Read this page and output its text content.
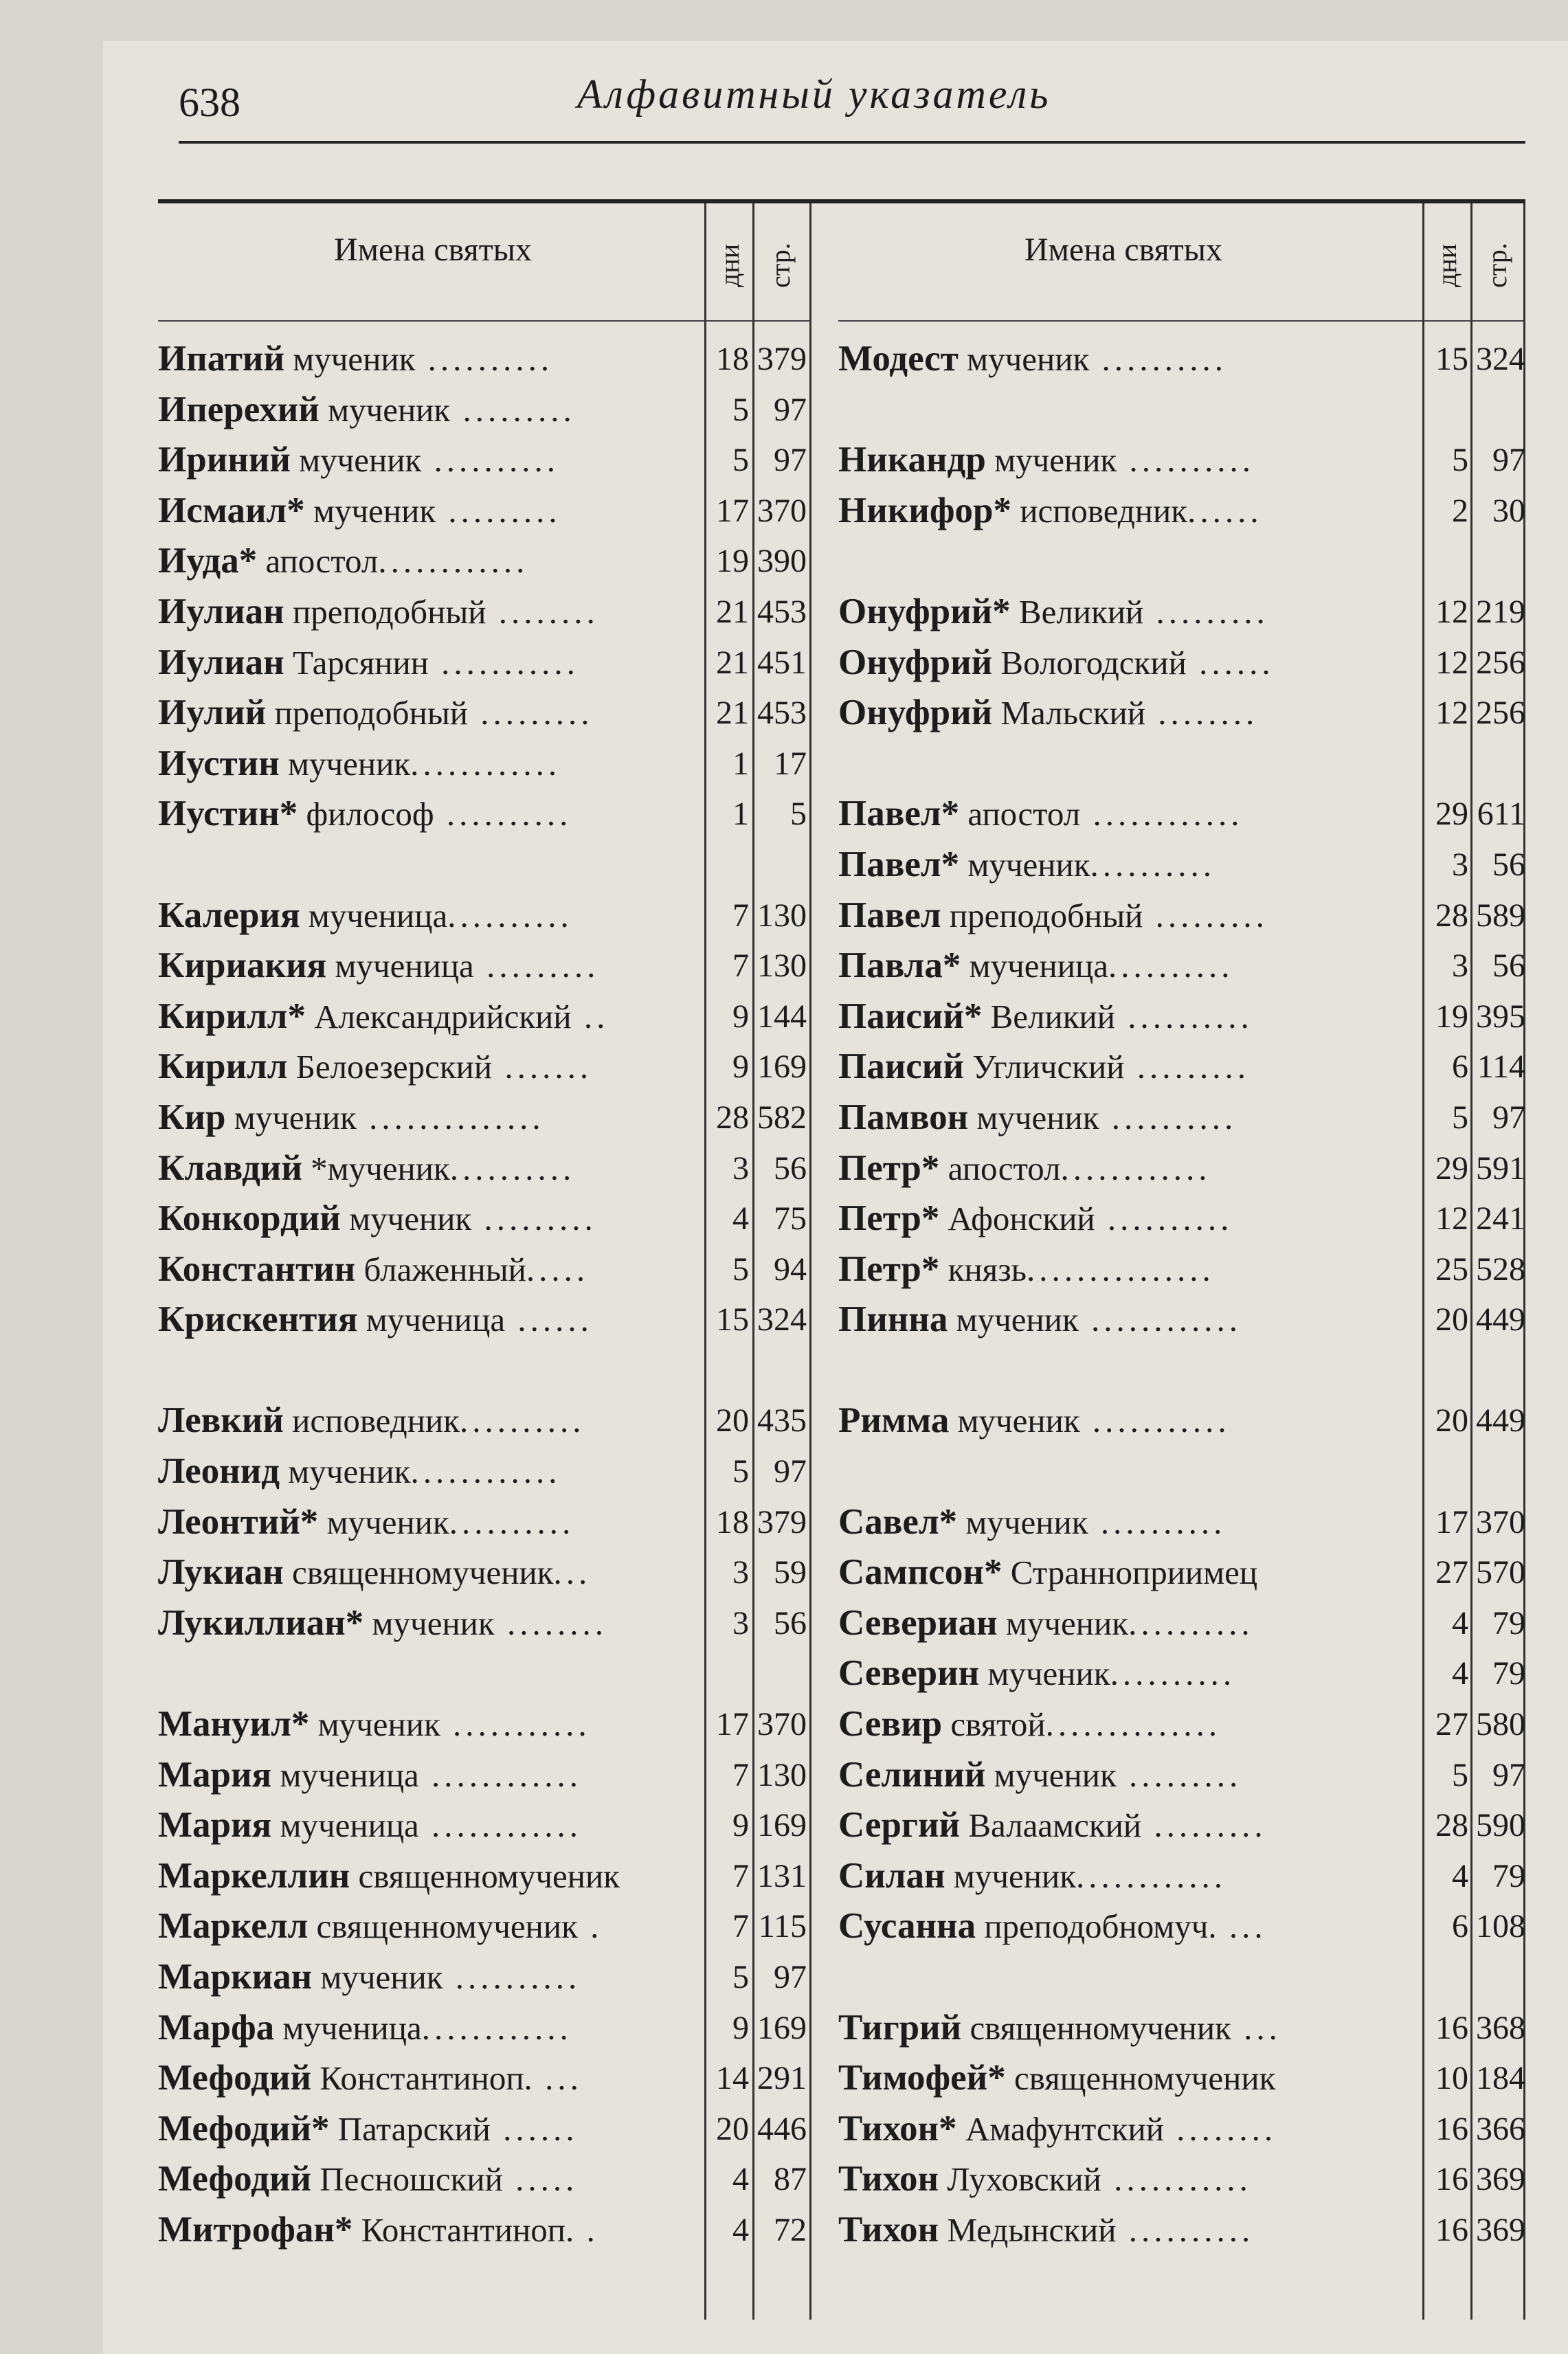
638	Алфавитный указатель
Имена святых	дни стр.
Ипатий мученик ..........	18 379
Иперехий мученик .........	5 97
Ириний мученик ..........	5 97
Исмаил* мученик .........	17 370
Иуда* апостол............	19 390
Иулиан преподобный ........	21 453
Иулиан Тарсянин ...........	21 451
Иулий преподобный .........	21 453
Иустин мученик............	1 17
Иустин* философ ..........	1	5
Калерия мученица..........	7 130
Кириакия мученица .........	7 130
Кирилл* Александрийский ..	9 144
Кирилл Белоезерский .......	9 169
Кир мученик ..............	28 582
Клавдий *мученик..........	3 56
Конкордий мученик .........	4 75
Константин блаженный.....	5 94
Крискентия мученица ......	15 324
Левкий исповедник..........	20 435
Леонид мученик............	5 97
Леонтий* мученик..........	18 379
Лукиан священномученик...	3 59
Лукиллиан* мученик ........	3 56
Мануил* мученик ...........	17 370
Мария мученица ............	7 130
Мария мученица ............	9 169
Маркеллин священномученик	7 131
Маркелл священномученик .	7 115
Маркиан мученик ..........	5 97
Марфа мученица............	9 169
Мефодий Константиноп. ...	14 291
Мефодий* Патарский ......	20 446
Мефодий Песношский .....	4 87
Митрофан* Константиноп. .	4 72
Имена святых	дни стр.
Модест мученик ..........	15 324
Никандр мученик ..........	5 97
Никифор* исповедник......	2 30
Онуфрий* Великий .........	12 219
Онуфрий Вологодский ......	12 256
Онуфрий Мальский ........	12 256
Павел* апостол ............	29 611
Павел* мученик..........	3 56
Павел преподобный .........	28 589
Павла* мученица..........	3 56
Паисий* Великий ..........	19 395
Паисий Угличский .........	6 114
Памвон мученик ..........	5 97
Петр* апостол............	29 591
Петр* Афонский ..........	12 241
Петр* князь...............	25 528
Пинна мученик ............	20 449
Римма мученик ...........	20 449
Савел* мученик ..........	17 370
Сампсон* Странноприимец	27 570
Севериан мученик..........	4 79
Северин мученик..........	4 79
Севир святой..............	27 580
Селиний мученик .........	5 97
Сергий Валаамский .........	28 590
Силан мученик............	4 79
Сусанна преподобномуч. ...	6 108
Тигрий священномученик ...	16 368
Тимофей* священномученик	10 184
Тихон* Амафунтский ........	16 366
Тихон Луховский ...........	16 369
Тихон Медынский ..........	16 369
